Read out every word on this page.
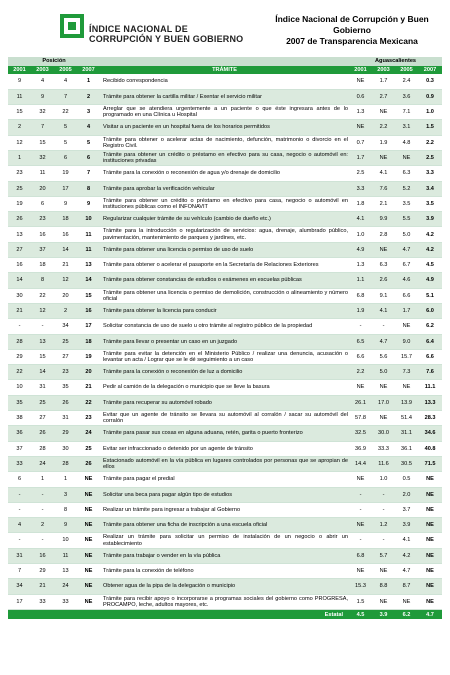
ÍNDICE NACIONAL DE
CORRUPCIÓN Y BUEN GOBIERNO
Índice Nacional de Corrupción y Buen Gobierno
2007 de Transparencia Mexicana
Posición					Aguascalientes			
2001	2003	2005	2007	TRÁMITE	2001	2003	2005	2007
9	4	4	1	Recibido correspondencia	NE	1.7	2.4	0.3
11	9	7	2	Trámite para obtener la cartilla militar / Exentar el servicio militar	0.6	2.7	3.6	0.9
15	32	22	3	Arreglar que se atendiera urgentemente a un paciente o que éste ingresara antes de lo programado en una Clínica u Hospital	1.3	NE	7.1	1.0
2	7	5	4	Visitar a un paciente en un hospital fuera de los horarios permitidos	NE	2.2	3.1	1.5
12	15	5	5	Trámite para obtener o acelerar actas de nacimiento, defunción, matrimonio o divorcio en el Registro Civil.	0.7	1.9	4.8	2.2
1	32	6	6	Trámite para obtener un crédito o préstamo en efectivo para su casa, negocio o automóvil en: instituciones privadas	1.7	NE	NE	2.5
23	11	19	7	Trámite para la conexión o reconexión de agua y/o drenaje de domicilio	2.5	4.1	6.3	3.3
25	20	17	8	Trámite para aprobar la verificación vehicular	3.3	7.6	5.2	3.4
19	6	9	9	Trámite para obtener un crédito o préstamo en efectivo para casa, negocio o automóvil en instituciones públicas como el INFONAVIT	1.8	2.1	3.5	3.5
26	23	18	10	Regularizar cualquier trámite de su vehículo (cambio de dueño etc.)	4.1	9.9	5.5	3.9
13	16	16	11	Trámite para la introducción o regularización de servicios: agua, drenaje, alumbrado público, pavimentación, mantenimiento de parques y jardines, etc.	1.0	2.8	5.0	4.2
27	37	14	11	Trámite para obtener una licencia o permiso de uso de suelo	4.9	NE	4.7	4.2
16	18	21	13	Trámite para obtener o acelerar el pasaporte en la Secretaría de Relaciones Exteriores	1.3	6.3	6.7	4.5
14	8	12	14	Trámite para obtener constancias de estudios o exámenes en escuelas públicas	1.1	2.6	4.6	4.9
30	22	20	15	Trámite para obtener una licencia o permiso de demolición, construcción o alineamiento y número oficial	6.8	9.1	6.6	5.1
21	12	2	16	Trámite para obtener la licencia para conducir	1.9	4.1	1.7	6.0
-	-	34	17	Solicitar constancia de uso de suelo u otro trámite al registro público de la propiedad	-	-	NE	6.2
28	13	25	18	Trámite para llevar o presentar un caso en un juzgado	6.5	4.7	9.0	6.4
29	15	27	19	Trámite para evitar la detención en el Ministerio Público / realizar una denuncia, acusación o levantar un acta / Lograr que se le dé seguimiento a un caso	6.6	5.6	15.7	6.6
22	14	23	20	Trámite para la conexión o reconexión de luz a domicilio	2.2	5.0	7.3	7.6
10	31	35	21	Pedir al camión de la delegación o municipio que se lleve la basura	NE	NE	NE	11.1
35	25	26	22	Trámite para recuperar su automóvil robado	26.1	17.0	13.9	13.3
38	27	31	23	Evitar que un agente de tránsito se llevara su automóvil al corralón / sacar su automóvil del corralón	57.8	NE	51.4	28.3
36	26	29	24	Trámite para pasar sus cosas en alguna aduana, retén, garita o puerto fronterizo	32.5	30.0	31.1	34.6
37	28	30	25	Evitar ser infraccionado o detenido por un agente de tránsito	36.9	33.3	36.1	40.8
33	24	28	26	Estacionado automóvil en la vía pública en lugares controlados por personas que se apropian de ellos	14.4	11.6	30.5	71.5
6	1	1	NE	Trámite para pagar el predial	NE	1.0	0.5	NE
-	-	3	NE	Solicitar una beca para pagar algún tipo de estudios	-	-	2.0	NE
-	-	8	NE	Realizar un trámite para ingresar a trabajar al Gobierno	-	-	3.7	NE
4	2	9	NE	Trámite para obtener una ficha de inscripción a una escuela oficial	NE	1.2	3.9	NE
-	-	10	NE	Realizar un trámite para solicitar un permiso de instalación de un negocio o abrir un establecimiento	-	-	4.1	NE
31	16	11	NE	Trámite para trabajar o vender en la vía pública	6.8	5.7	4.2	NE
7	29	13	NE	Trámite para la conexión de teléfono	NE	NE	4.7	NE
34	21	24	NE	Obtener agua de la pipa de la delegación o municipio	15.3	8.8	8.7	NE
17	33	33	NE	Trámite para recibir apoyo o incorporarse a programas sociales del gobierno como PROGRESA, PROCAMPO, leche, adultos mayores, etc.	1.5	NE	NE	NE
Estatal					4.5	3.9	6.2	4.7
